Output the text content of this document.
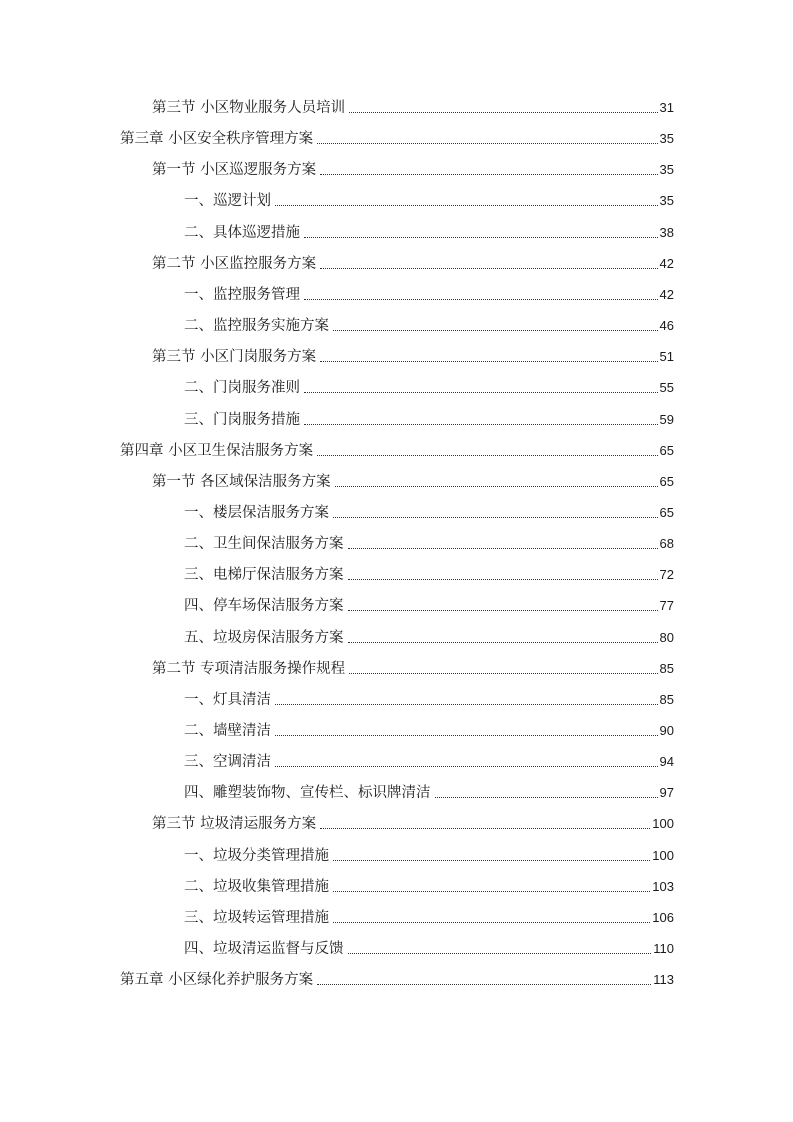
第三节 小区物业服务人员培训	31
第三章 小区安全秩序管理方案	35
第一节 小区巡逻服务方案	35
一、巡逻计划	35
二、具体巡逻措施	38
第二节 小区监控服务方案	42
一、监控服务管理	42
二、监控服务实施方案	46
第三节 小区门岗服务方案	51
二、门岗服务准则	55
三、门岗服务措施	59
第四章 小区卫生保洁服务方案	65
第一节 各区域保洁服务方案	65
一、楼层保洁服务方案	65
二、卫生间保洁服务方案	68
三、电梯厅保洁服务方案	72
四、停车场保洁服务方案	77
五、垃圾房保洁服务方案	80
第二节 专项清洁服务操作规程	85
一、灯具清洁	85
二、墙壁清洁	90
三、空调清洁	94
四、雕塑装饰物、宣传栏、标识牌清洁	97
第三节 垃圾清运服务方案	100
一、垃圾分类管理措施	100
二、垃圾收集管理措施	103
三、垃圾转运管理措施	106
四、垃圾清运监督与反馈	110
第五章 小区绿化养护服务方案	113
